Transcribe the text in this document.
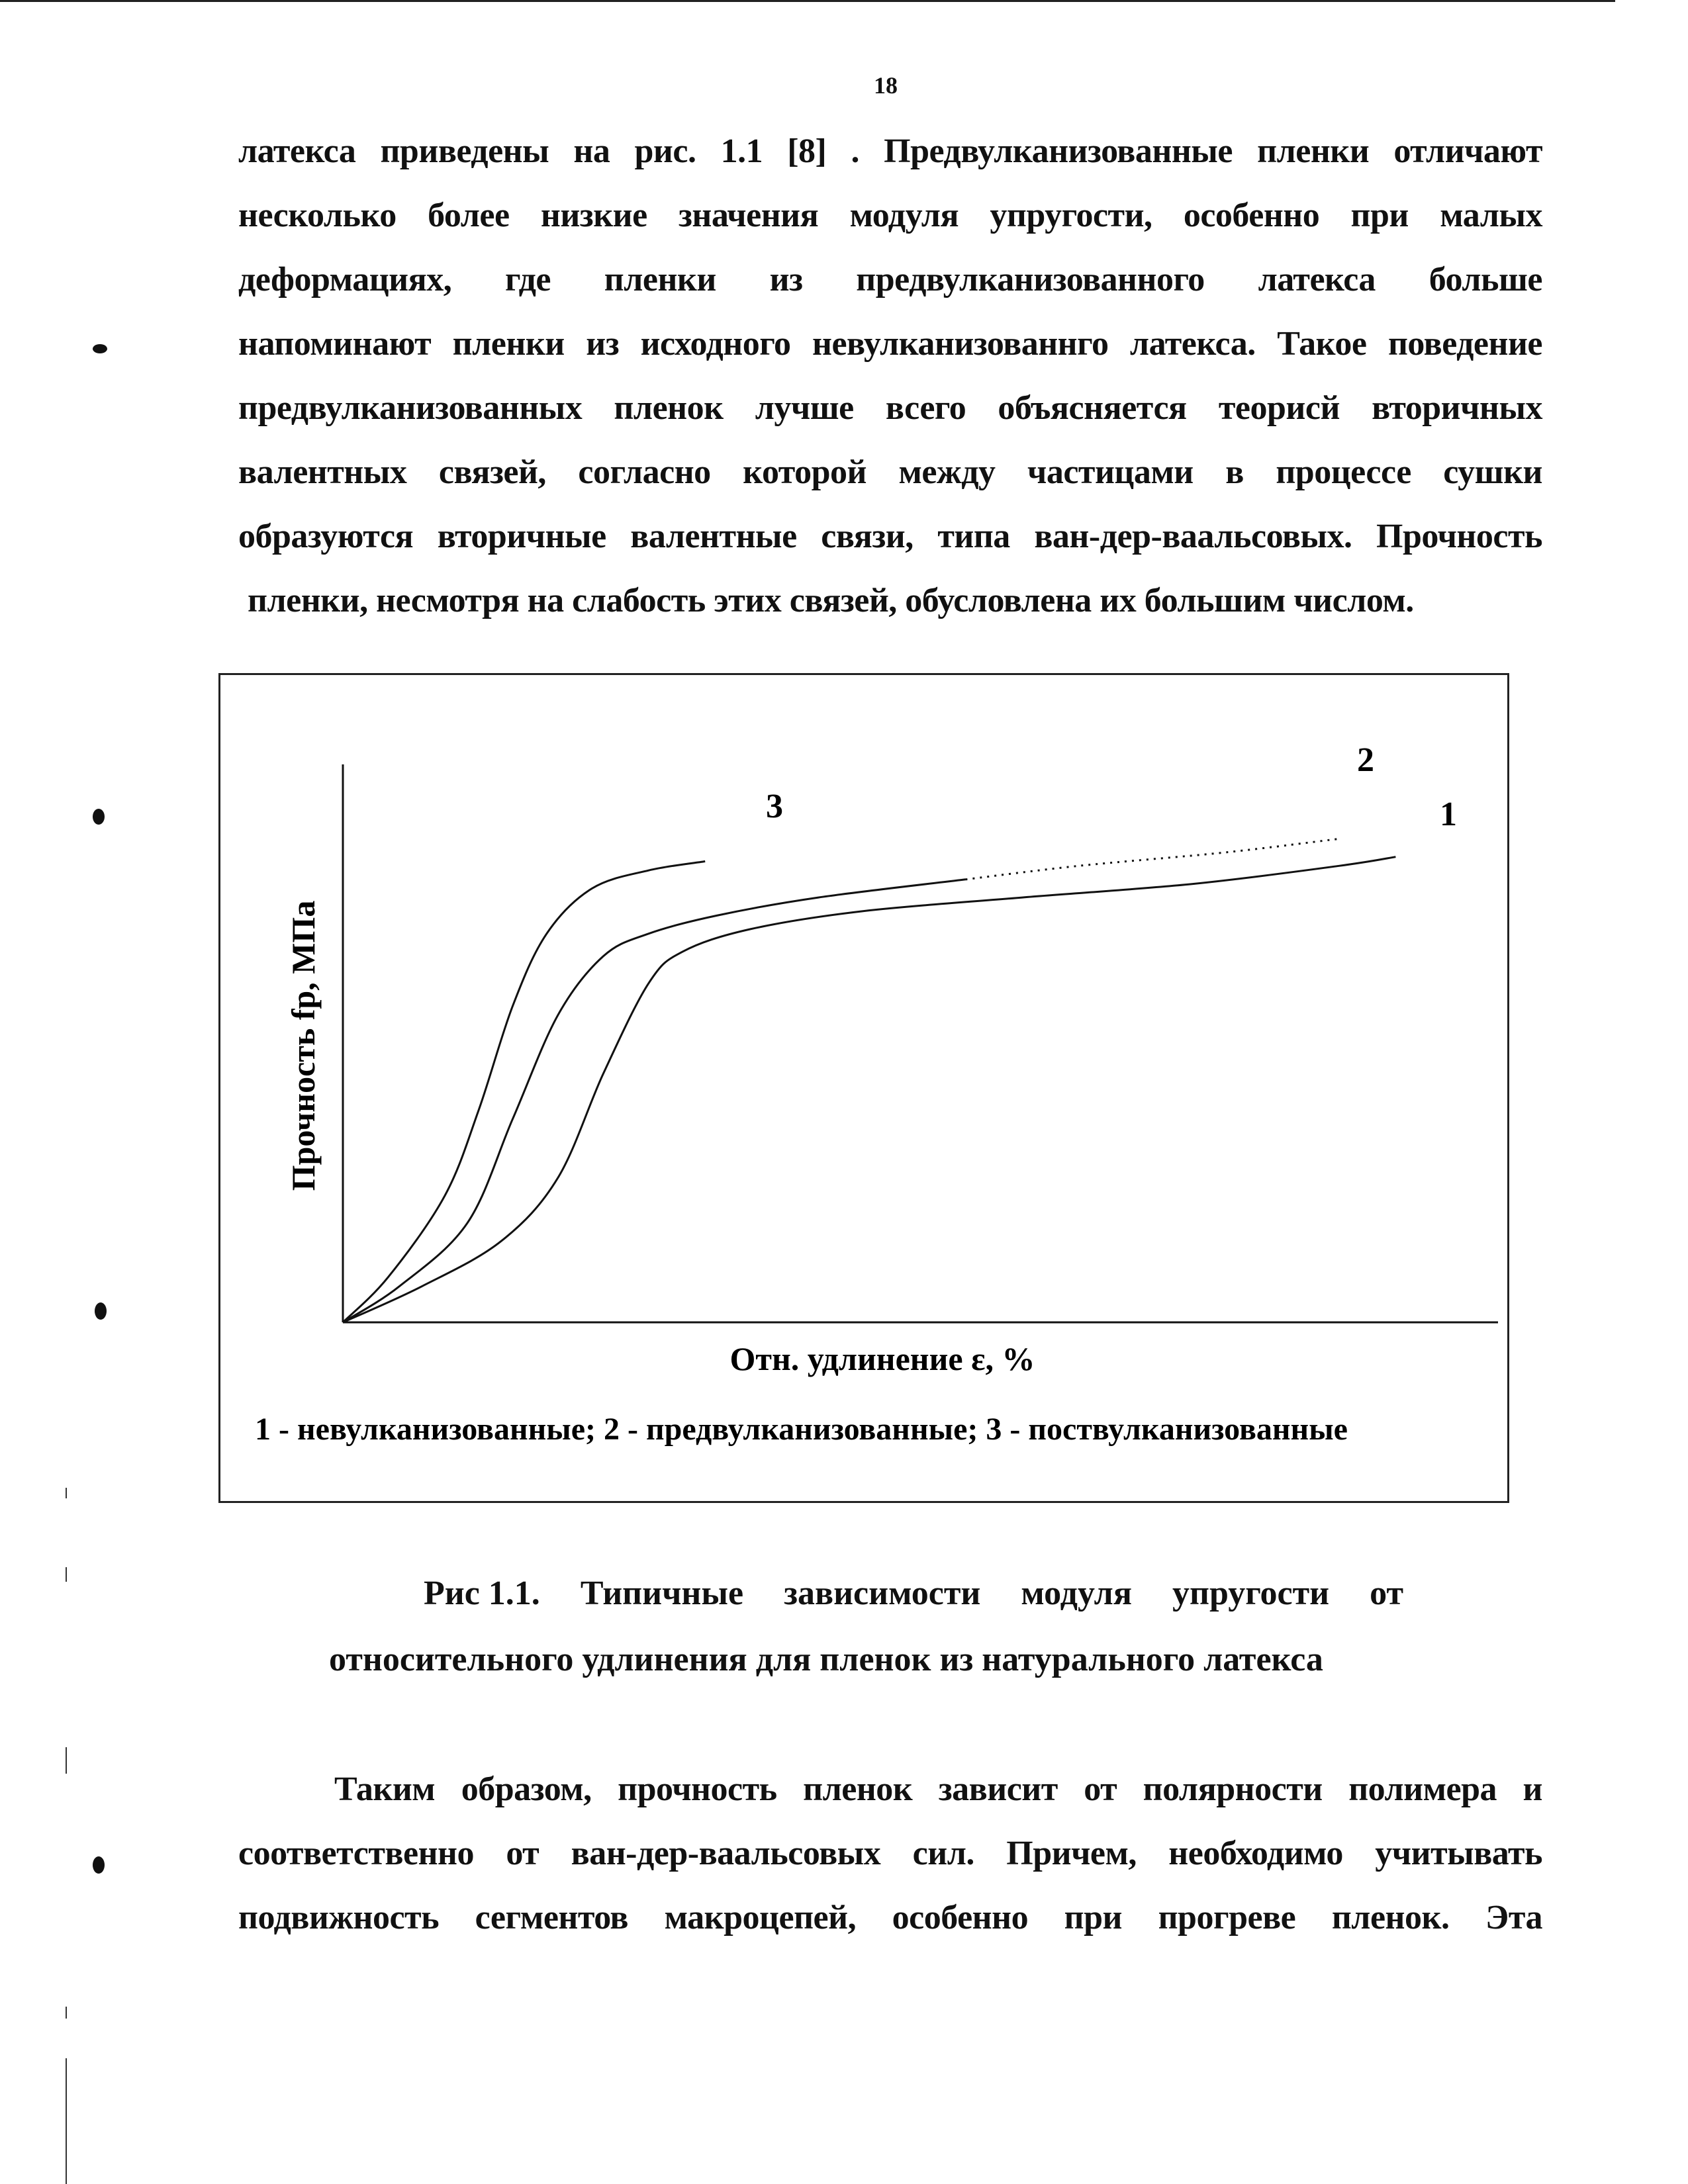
18
латекса приведены на рис. 1.1 [8] . Предвулканизованные пленки отличают
несколько более низкие значения модуля упругости, особенно при малых
деформациях, где пленки из предвулканизованного латекса больше
напоминают пленки из исходного невулканизованнго латекса. Такое поведение
предвулканизованных пленок лучше всего объясняется теорисй вторичных
валентных связей, согласно которой между частицами в процессе сушки
образуются вторичные валентные связи, типа ван-дер-ваальсовых. Прочность
пленки, несмотря на слабость этих связей, обусловлена их большим числом.
1
2
3
Прочность fр, МПа
Отн. удлинение ε, %
1 - невулканизованные; 2 - предвулканизованные; 3 - поствулканизованные
Рис 1.1. Типичные зависимости модуля упругости от
относительного удлинения для пленок из натурального латекса
Таким образом, прочность пленок зависит от полярности полимера и
соответственно от ван-дер-ваальсовых сил. Причем, необходимо учитывать
подвижность сегментов макроцепей, особенно при прогреве пленок. Эта
